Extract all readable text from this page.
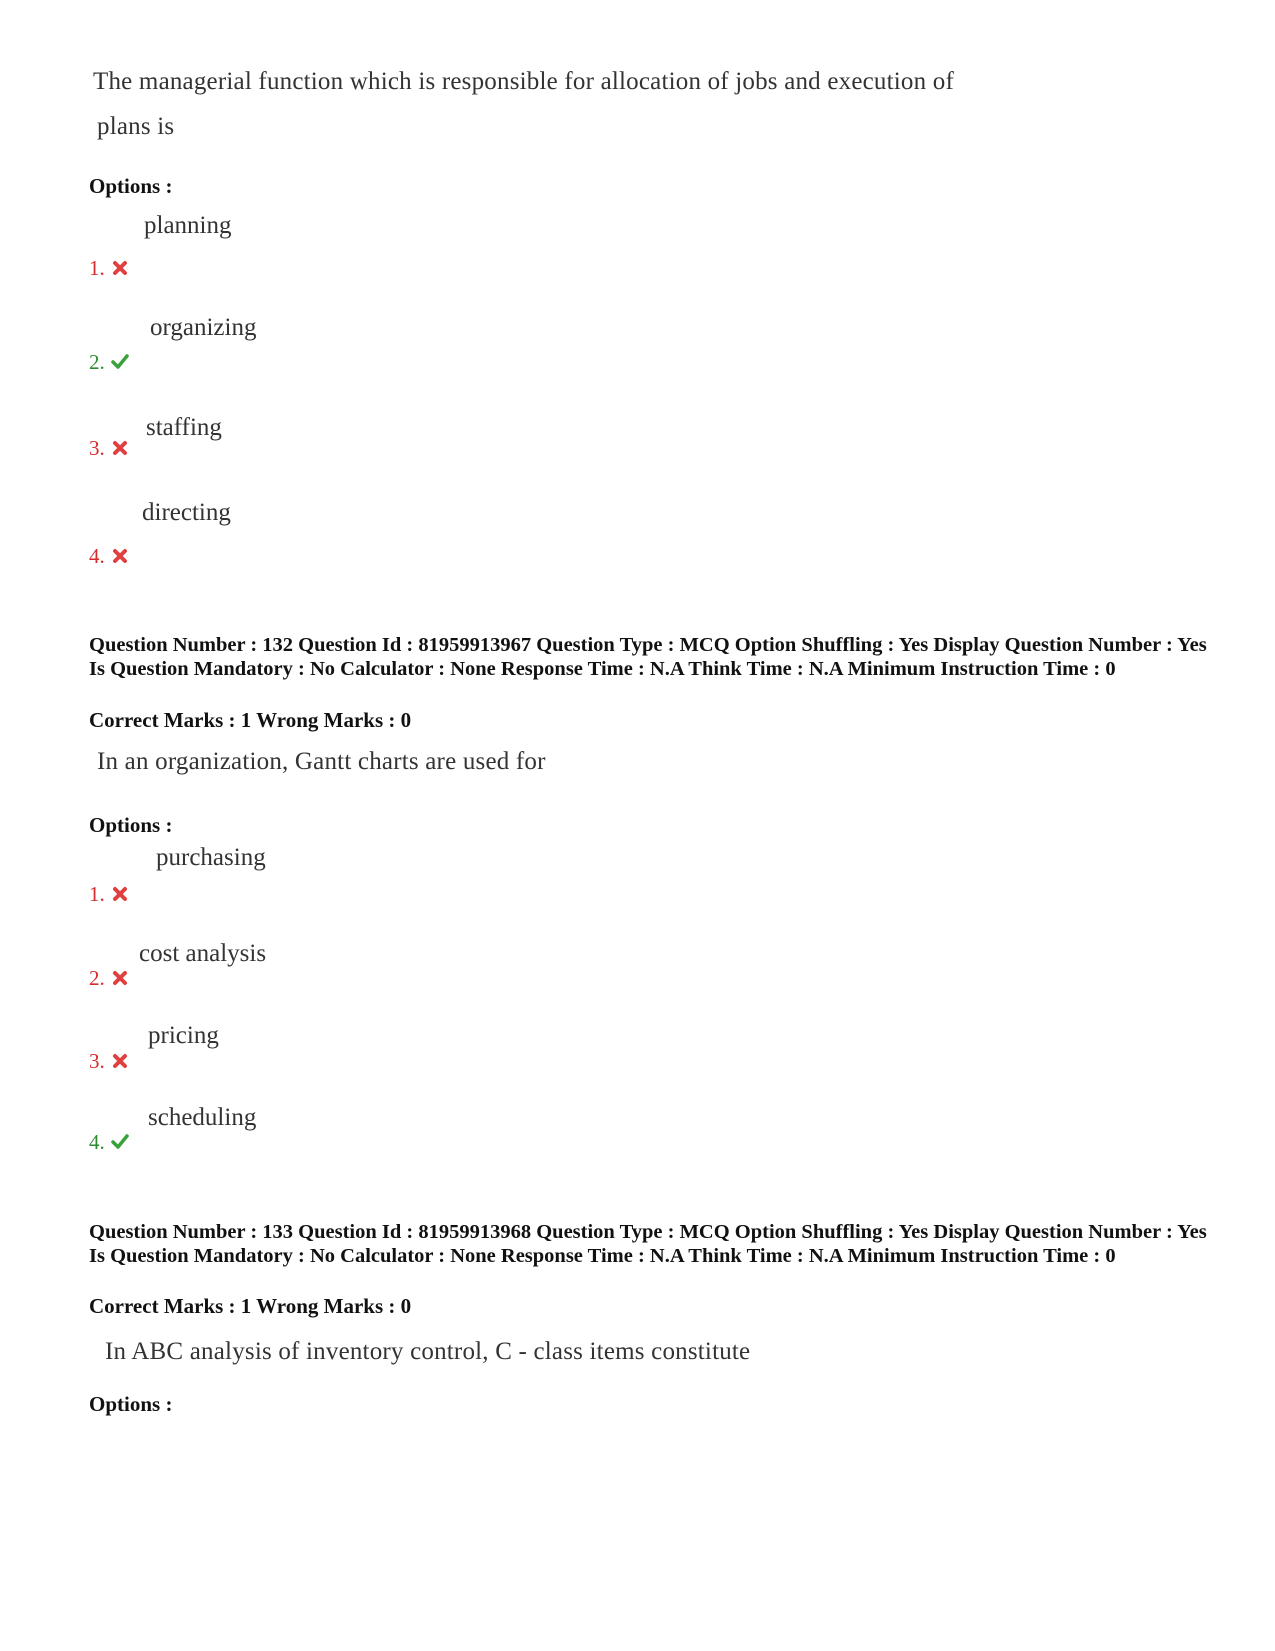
The managerial function which is responsible for allocation of jobs and execution of
plans is
Options :
planning
1.
organizing
2.
staffing
3.
directing
4.
Question Number : 132 Question Id : 81959913967 Question Type : MCQ Option Shuffling : Yes Display Question Number : Yes Is Question Mandatory : No Calculator : None Response Time : N.A Think Time : N.A Minimum Instruction Time : 0
Correct Marks : 1 Wrong Marks : 0
In an organization, Gantt charts are used for
Options :
purchasing
1.
cost analysis
2.
pricing
3.
scheduling
4.
Question Number : 133 Question Id : 81959913968 Question Type : MCQ Option Shuffling : Yes Display Question Number : Yes Is Question Mandatory : No Calculator : None Response Time : N.A Think Time : N.A Minimum Instruction Time : 0
Correct Marks : 1 Wrong Marks : 0
In ABC analysis of inventory control, C - class items constitute
Options :
